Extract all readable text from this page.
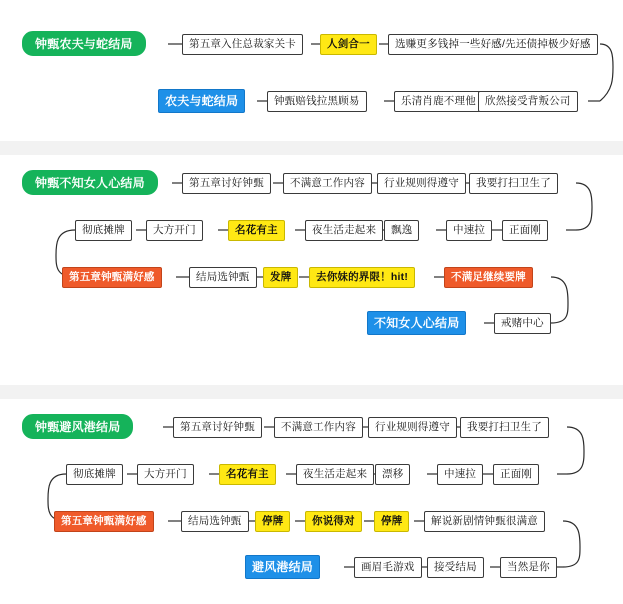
钟甄农夫与蛇结局	第五章入住总裁家关卡	人剑合一	选赚更多钱掉一些好感/先还债掉极少好感
农夫与蛇结局	钟甄赔钱拉黑顾易	乐清肖鹿不理他 欣然接受背叛公司
钟甄不知女人心结局	第五章讨好钟甄	不满意工作内容	行业规则得遵守	我要打扫卫生了
彻底摊牌	大方开门	名花有主	夜生活走起来	飘逸	中速拉	正面刚
第五章钟甄满好感	结局选钟甄	发牌	去你妹的界限！hit!	不满足继续要牌
不知女人心结局	戒赌中心
钟甄避风港结局	第五章讨好钟甄	不满意工作内容	行业规则得遵守	我要打扫卫生了
彻底摊牌	大方开门	名花有主	夜生活走起来	漂移	中速拉	正面刚
第五章钟甄满好感	结局选钟甄	停牌	你说得对	停牌	解说新剧情钟甄很满意
避风港结局	画眉毛游戏	接受结局	当然是你
